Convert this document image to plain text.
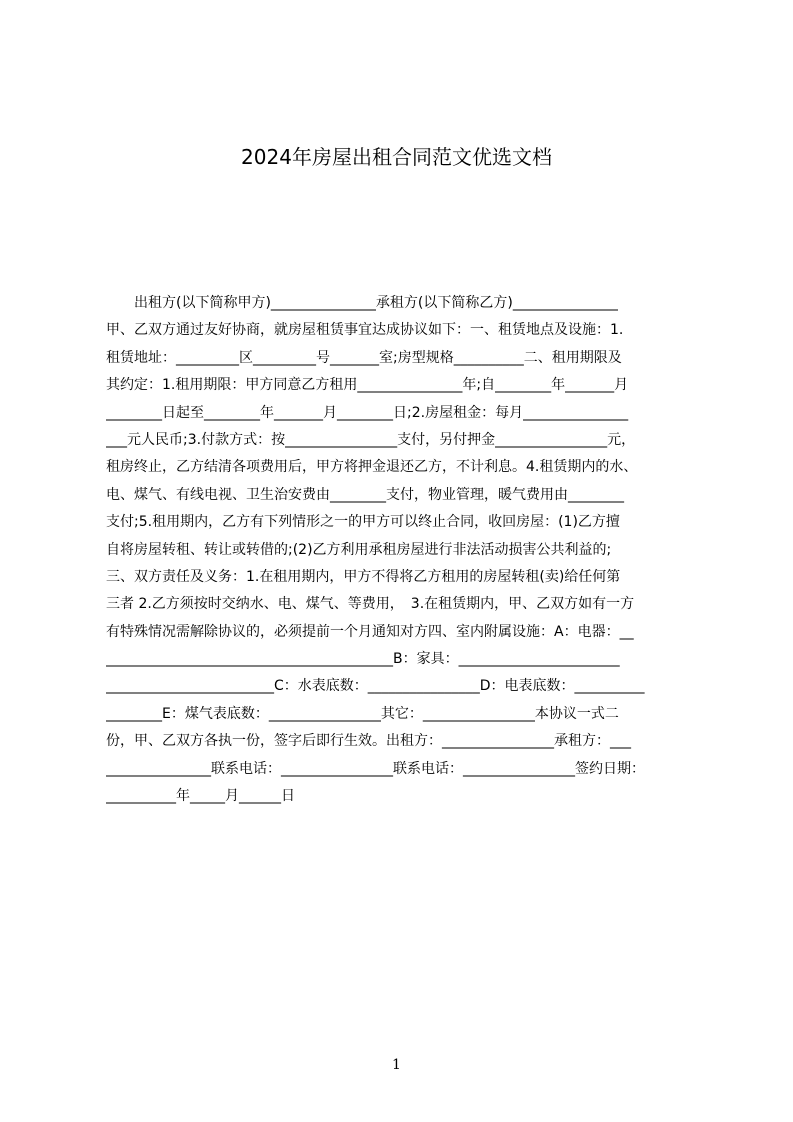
2024年房屋出租合同范文优选文档
　　出租方(以下简称甲方)_______________承租方(以下简称乙方)_______________
甲、乙双方通过友好协商，就房屋租赁事宜达成协议如下：一、租赁地点及设施：1.
租赁地址：_________区_________号_______室;房型规格__________二、租用期限及
其约定：1.租用期限：甲方同意乙方租用_______________年;自________年_______月
________日起至________年_______月________日;2.房屋租金：每月_______________
___元人民币;3.付款方式：按________________支付，另付押金________________元，
租房终止，乙方结清各项费用后，甲方将押金退还乙方，不计利息。4.租赁期内的水、
电、煤气、有线电视、卫生治安费由________支付，物业管理，暖气费用由________
支付;5.租用期内，乙方有下列情形之一的甲方可以终止合同，收回房屋：(1)乙方擅
自将房屋转租、转让或转借的;(2)乙方利用承租房屋进行非法活动损害公共利益的;
三、双方责任及义务：1.在租用期内，甲方不得将乙方租用的房屋转租(卖)给任何第
三者 2.乙方须按时交纳水、电、煤气、等费用，　3.在租赁期内，甲、乙双方如有一方
有特殊情况需解除协议的，必须提前一个月通知对方四、室内附属设施：A：电器：__
_________________________________________B：家具：_______________________
________________________C：水表底数：________________D：电表底数：__________
________E：煤气表底数：________________其它：________________本协议一式二
份，甲、乙双方各执一份，签字后即行生效。出租方：________________承租方：___
_______________联系电话：________________联系电话：________________签约日期：
__________年_____月______日
1
